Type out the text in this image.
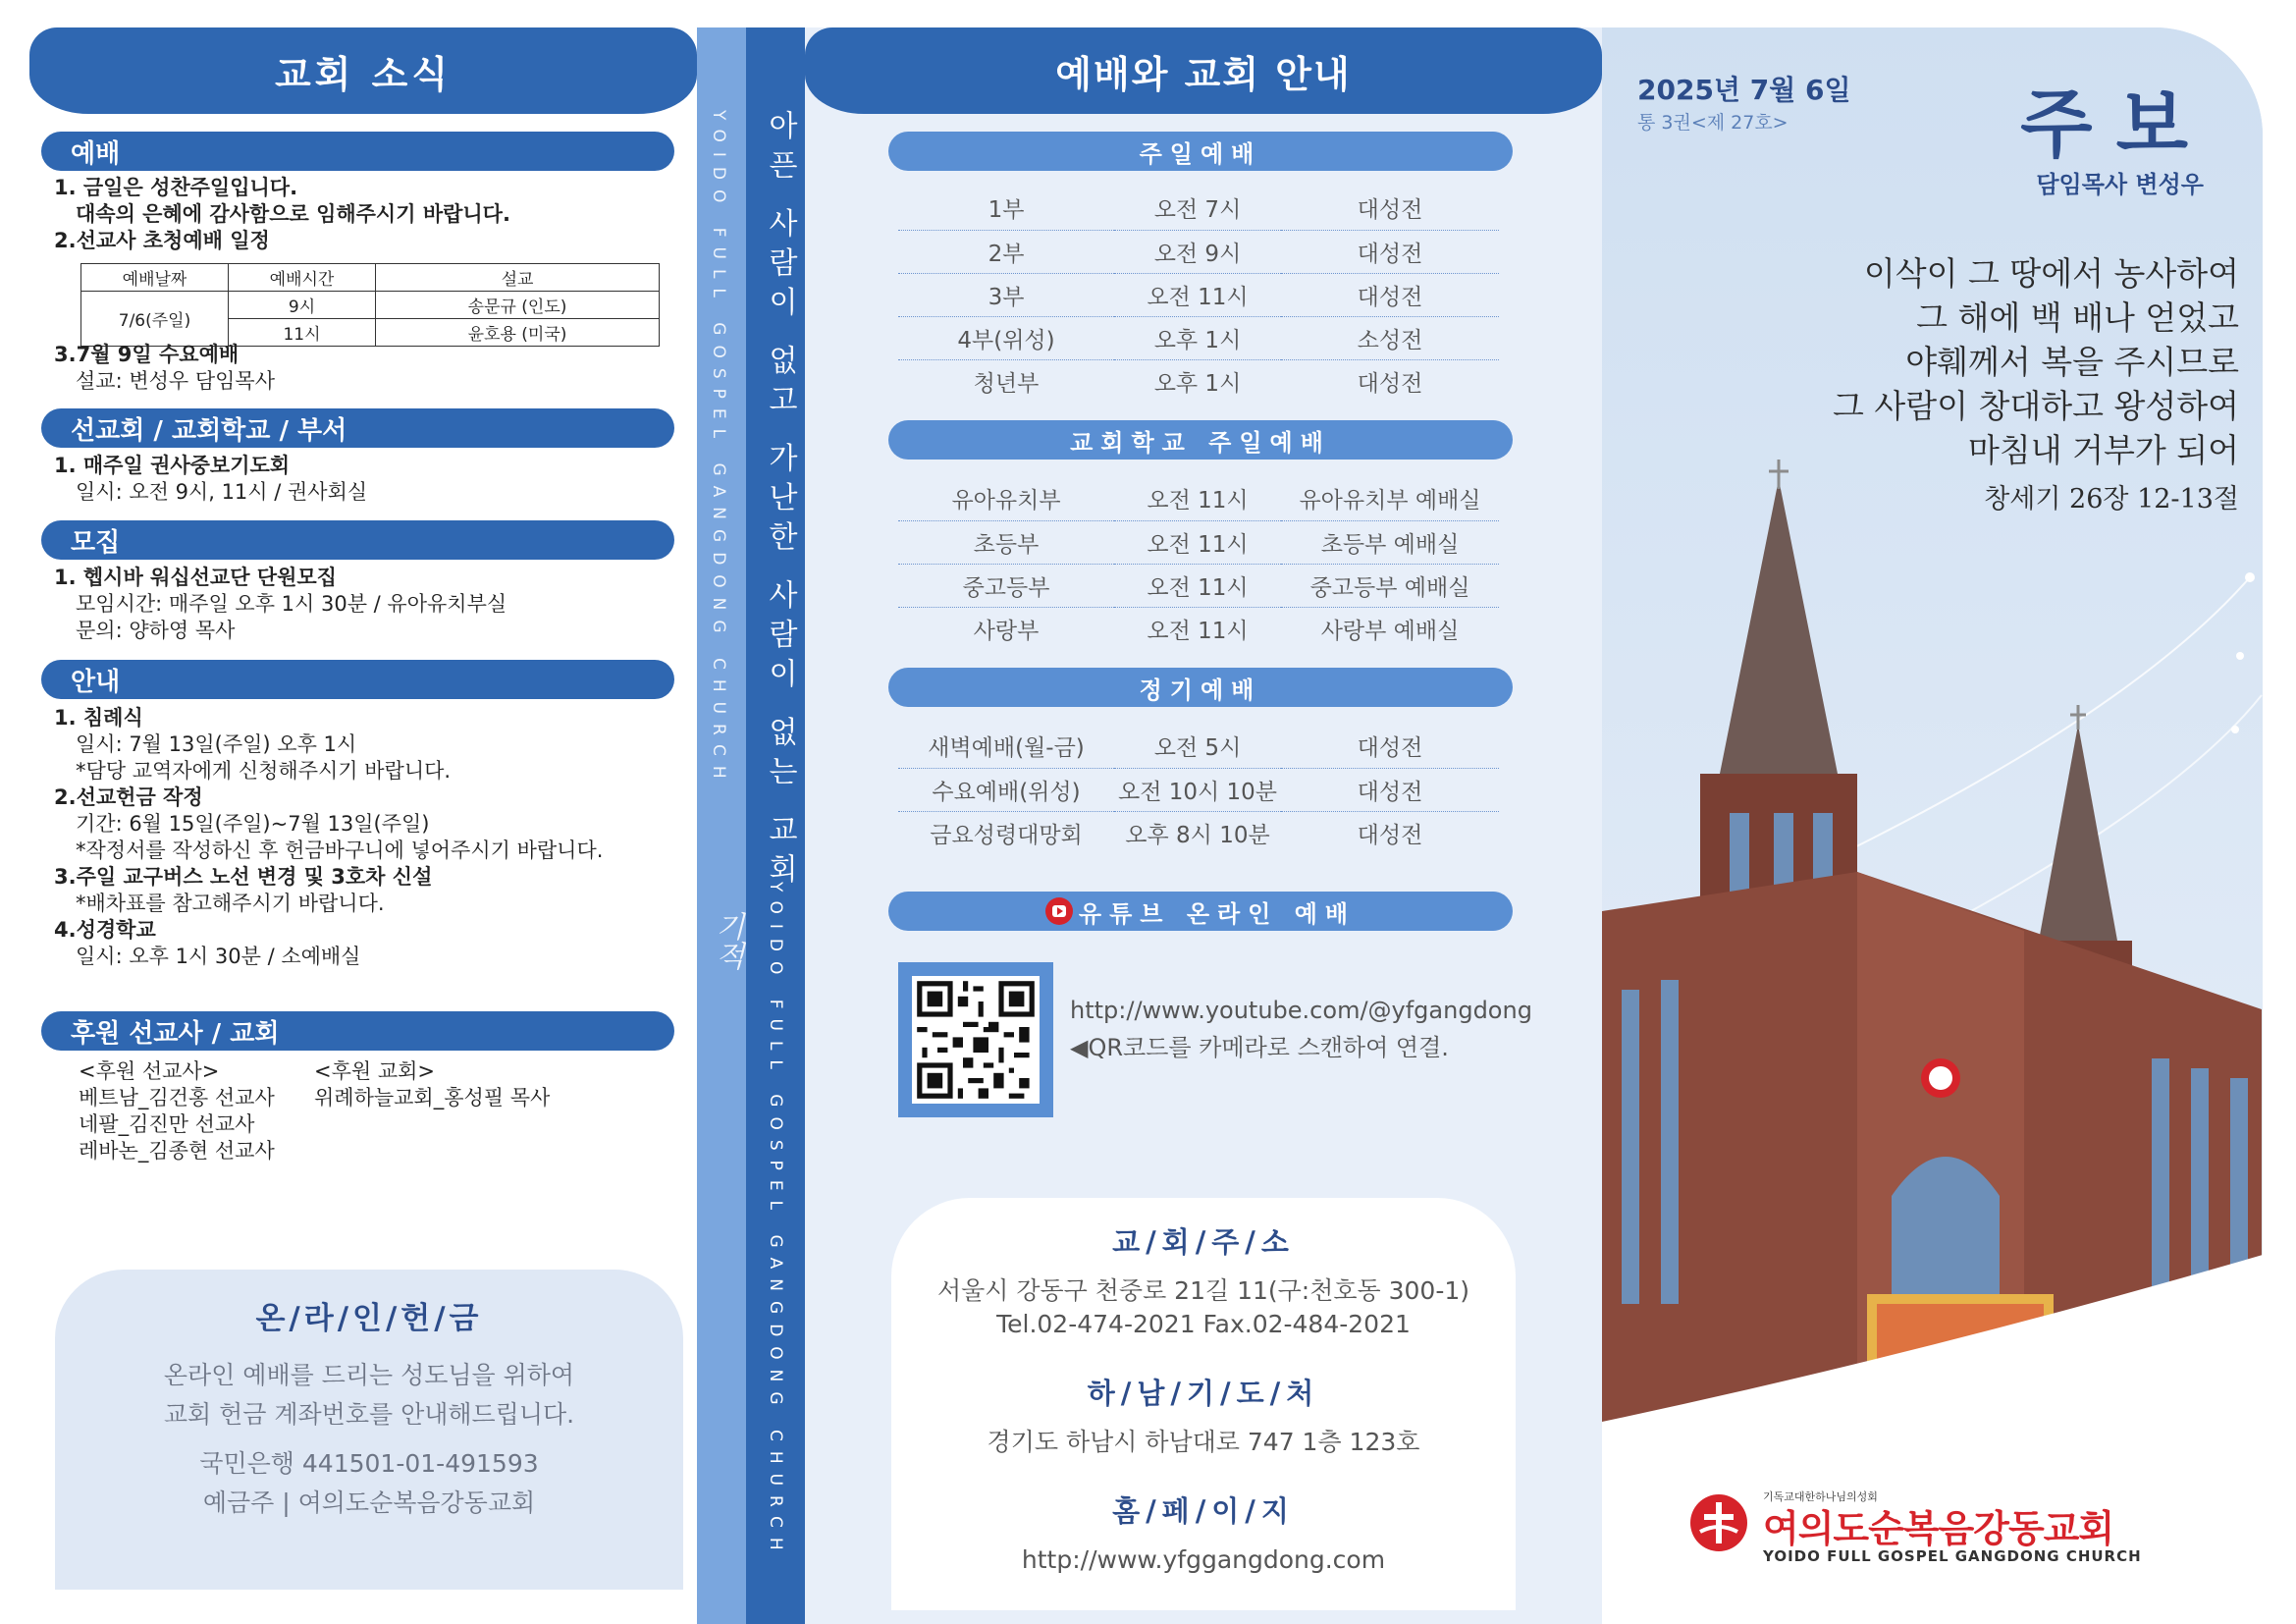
교회 소식
예배
1. 금일은 성찬주일입니다.
대속의 은혜에 감사함으로 임해주시기 바랍니다.
2.선교사 초청예배 일정
예배날짜	예배시간	설교
7/6(주일)	9시	송문규 (인도)
	11시	윤호용 (미국)
3.7월 9일 수요예배
설교: 변성우 담임목사
선교회 / 교회학교 / 부서
1. 매주일 권사중보기도회
일시: 오전 9시, 11시 / 권사회실
모집
1. 헵시바 워십선교단 단원모집
모임시간: 매주일 오후 1시 30분 / 유아유치부실
문의: 양하영 목사
안내
1. 침례식
일시: 7월 13일(주일) 오후 1시
*담당 교역자에게 신청해주시기 바랍니다.
2.선교헌금 작정
기간: 6월 15일(주일)~7월 13일(주일)
*작정서를 작성하신 후 헌금바구니에 넣어주시기 바랍니다.
3.주일 교구버스 노선 변경 및 3호차 신설
*배차표를 참고해주시기 바랍니다.
4.성경학교
일시: 오후 1시 30분 / 소예배실
후원 선교사 / 교회
<후원 선교사>
베트남_김건홍 선교사
네팔_김진만 선교사
레바논_김종현 선교사
<후원 교회>
위례하늘교회_홍성필 목사
온/라/인/헌/금
온라인 예배를 드리는 성도님을 위하여
교회 헌금 계좌번호를 안내해드립니다.
국민은행 441501-01-491593
예금주 | 여의도순복음강동교회
YOIDO FULL GOSPEL GANGDONG CHURCH
기적
아픈 사람이 없고 가난한 사람이 없는 교회
YOIDO FULL GOSPEL GANGDONG CHURCH
예배와 교회 안내
주일예배
1부	오전 7시	대성전
2부	오전 9시	대성전
3부	오전 11시	대성전
4부(위성)	오후 1시	소성전
청년부	오후 1시	대성전
교회학교 주일예배
유아유치부	오전 11시	유아유치부 예배실
초등부	오전 11시	초등부 예배실
중고등부	오전 11시	중고등부 예배실
사랑부	오전 11시	사랑부 예배실
정기예배
새벽예배(월-금)	오전 5시	대성전
수요예배(위성)	오전 10시 10분	대성전
금요성령대망회	오후 8시 10분	대성전
유튜브 온라인 예배
http://www.youtube.com/@yfgangdong
◀QR코드를 카메라로 스캔하여 연결.
교/회/주/소
서울시 강동구 천중로 21길 11(구:천호동 300-1)
Tel.02-474-2021 Fax.02-484-2021
하/남/기/도/처
경기도 하남시 하남대로 747 1층 123호
홈/페/이/지
http://www.yfggangdong.com
2025년 7월 6일
통 3권<제 27호>	주보
담임목사 변성우
이삭이 그 땅에서 농사하여
그 해에 백 배나 얻었고
야훼께서 복을 주시므로
그 사람이 창대하고 왕성하여
마침내 거부가 되어
창세기 26장 12-13절
기독교대한하나님의성회
여의도순복음강동교회
YOIDO FULL GOSPEL GANGDONG CHURCH
